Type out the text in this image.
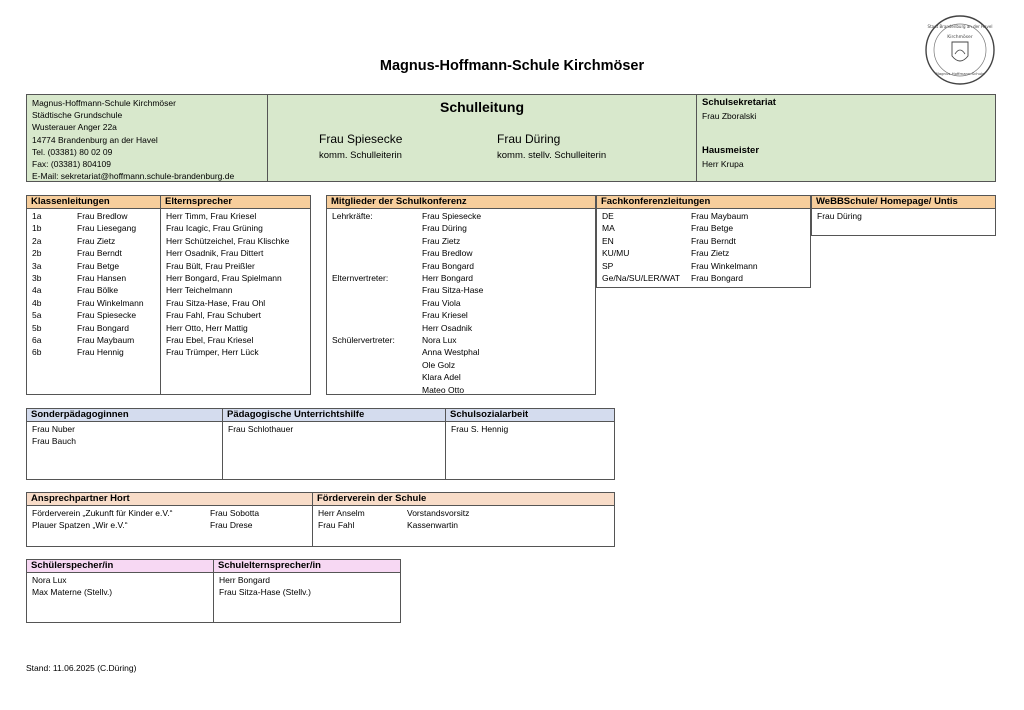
Stadt Brandenburg an der Havel
Kirchmöser
Magnus-Hoffmann-Schule
Magnus-Hoffmann-Schule Kirchmöser
Magnus-Hoffmann-Schule Kirchmöser
Städtische Grundschule
Wusterauer Anger 22a
14774 Brandenburg an der Havel
Tel. (03381) 80 02 09
Fax: (03381) 804109
E-Mail: sekretariat@hoffmann.schule-brandenburg.de
Schulleitung
Frau Spiesecke
komm. Schulleiterin
Frau Düring
komm. stellv. Schulleiterin
Schulsekretariat
Frau Zboralski
Hausmeister
Herr Krupa
Klassenleitungen
1a	Frau Bredlow
1b	Frau Liesegang
2a	Frau Zietz
2b	Frau Berndt
3a	Frau Betge
3b	Frau Hansen
4a	Frau Bölke
4b	Frau Winkelmann
5a	Frau Spiesecke
5b	Frau Bongard
6a	Frau Maybaum
6b	Frau Hennig
Elternsprecher
Herr Timm, Frau Kriesel
Frau Icagic, Frau Grüning
Herr Schützeichel, Frau Klischke
Herr Osadnik, Frau Dittert
Frau Bült, Frau Preißler
Herr Bongard, Frau Spielmann
Herr Teichelmann
Frau Sitza-Hase, Frau Ohl
Frau Fahl, Frau Schubert
Herr Otto, Herr Mattig
Frau Ebel, Frau Kriesel
Frau Trümper, Herr Lück
Mitglieder der Schulkonferenz
Lehrkräfte:	Frau Spiesecke
Frau Düring
Frau Zietz
Frau Bredlow
Frau Bongard
Elternvertreter:	Herr Bongard
Frau Sitza-Hase
Frau Viola
Frau Kriesel
Herr Osadnik
Schülervertreter:	Nora Lux
Anna Westphal
Ole Golz
Klara Adel
Mateo Otto
Fachkonferenzleitungen
DE	Frau Maybaum
MA	Frau Betge
EN	Frau Berndt
KU/MU	Frau Zietz
SP	Frau Winkelmann
Ge/Na/SU/LER/WAT	Frau Bongard
WeBBSchule/ Homepage/ Untis
Frau Düring
Sonderpädagoginnen
Frau Nuber
Frau Bauch
Pädagogische Unterrichtshilfe
Frau Schlothauer
Schulsozialarbeit
Frau S. Hennig
Ansprechpartner Hort
Förderverein „Zukunft für Kinder e.V.“	Frau Sobotta
Plauer Spatzen „Wir e.V.“	Frau Drese
Förderverein der Schule
Herr Anselm	Vorstandsvorsitz
Frau Fahl	Kassenwartin
Schülerspecher/in
Nora Lux
Max Materne (Stellv.)
Schulelternsprecher/in
Herr Bongard
Frau Sitza-Hase (Stellv.)
Stand: 11.06.2025 (C.Düring)
